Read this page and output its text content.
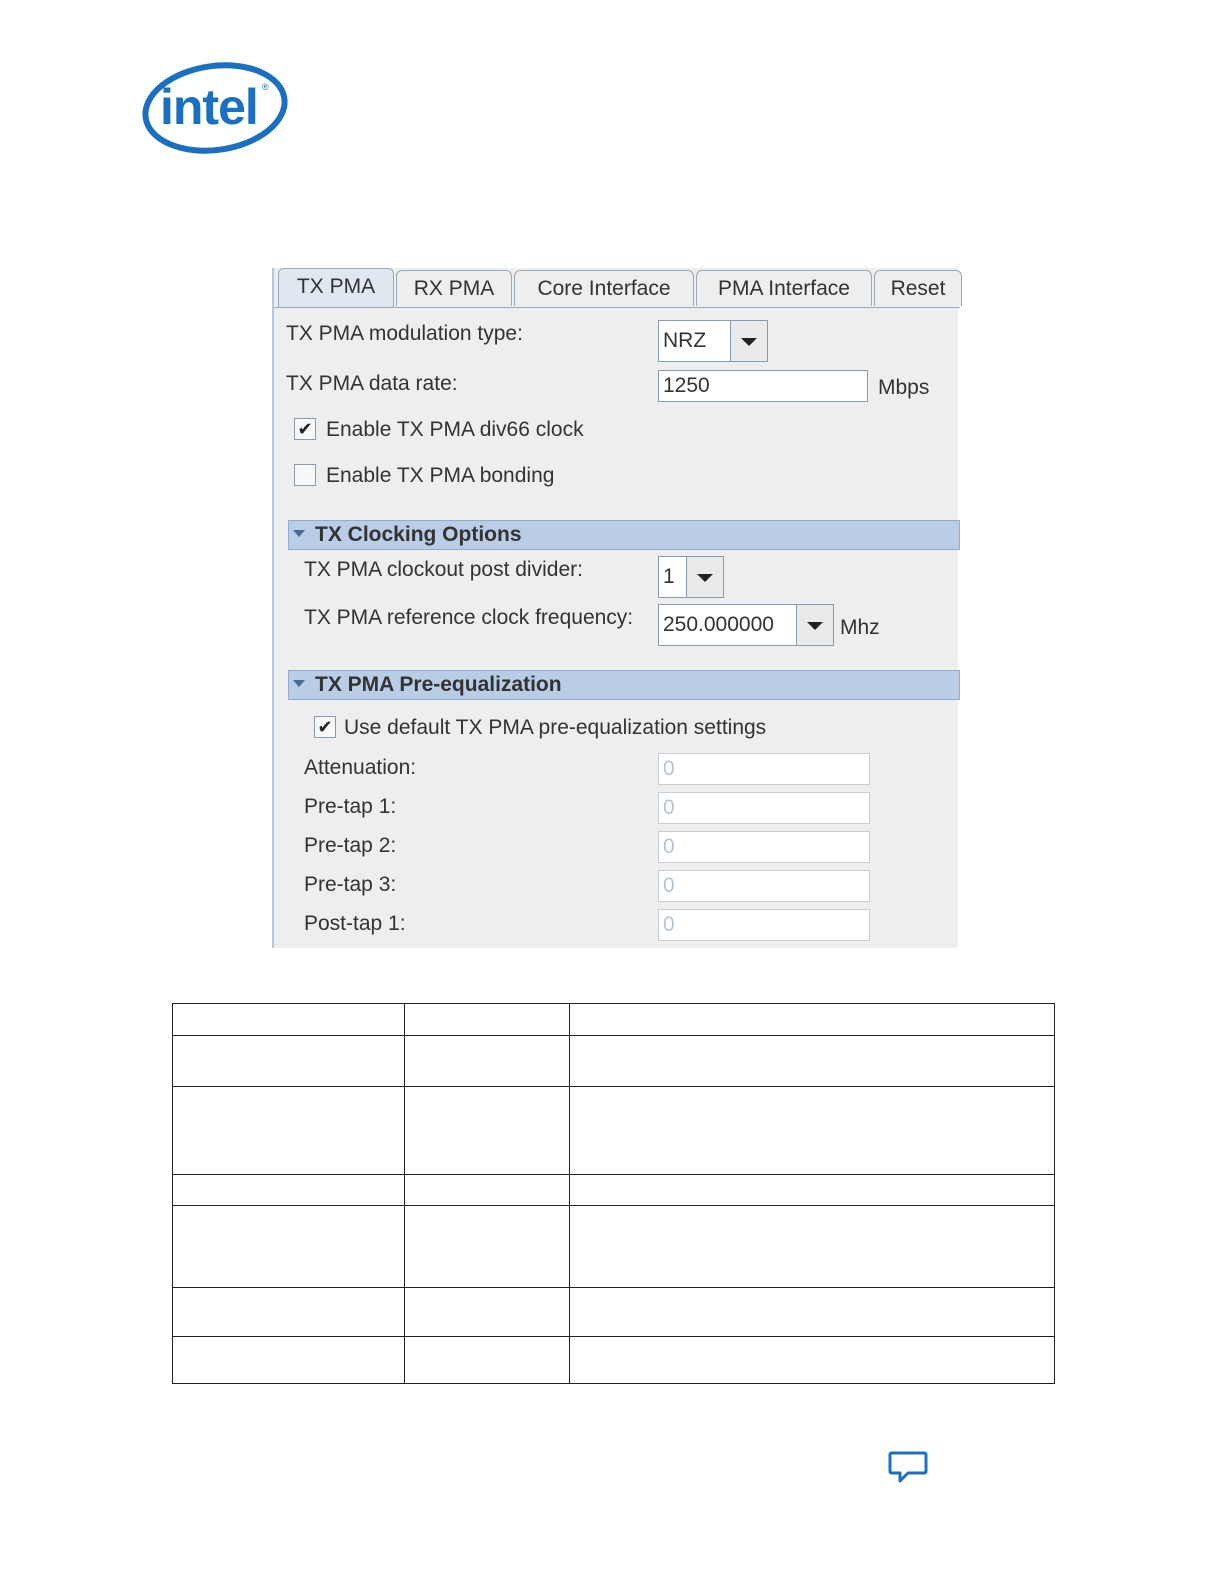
intel ®
TX PMA	RX PMA	Core Interface	PMA Interface	Reset
TX PMA modulation type:	NRZ
TX PMA data rate:	1250	Mbps
✔ Enable TX PMA div66 clock
Enable TX PMA bonding
TX Clocking Options
TX PMA clockout post divider:	1
TX PMA reference clock frequency: 250.000000	Mhz
TX PMA Pre-equalization
✔ Use default TX PMA pre-equalization settings
Attenuation:	0
Pre-tap 1:	0
Pre-tap 2:	0
Pre-tap 3:	0
Post-tap 1:	0
